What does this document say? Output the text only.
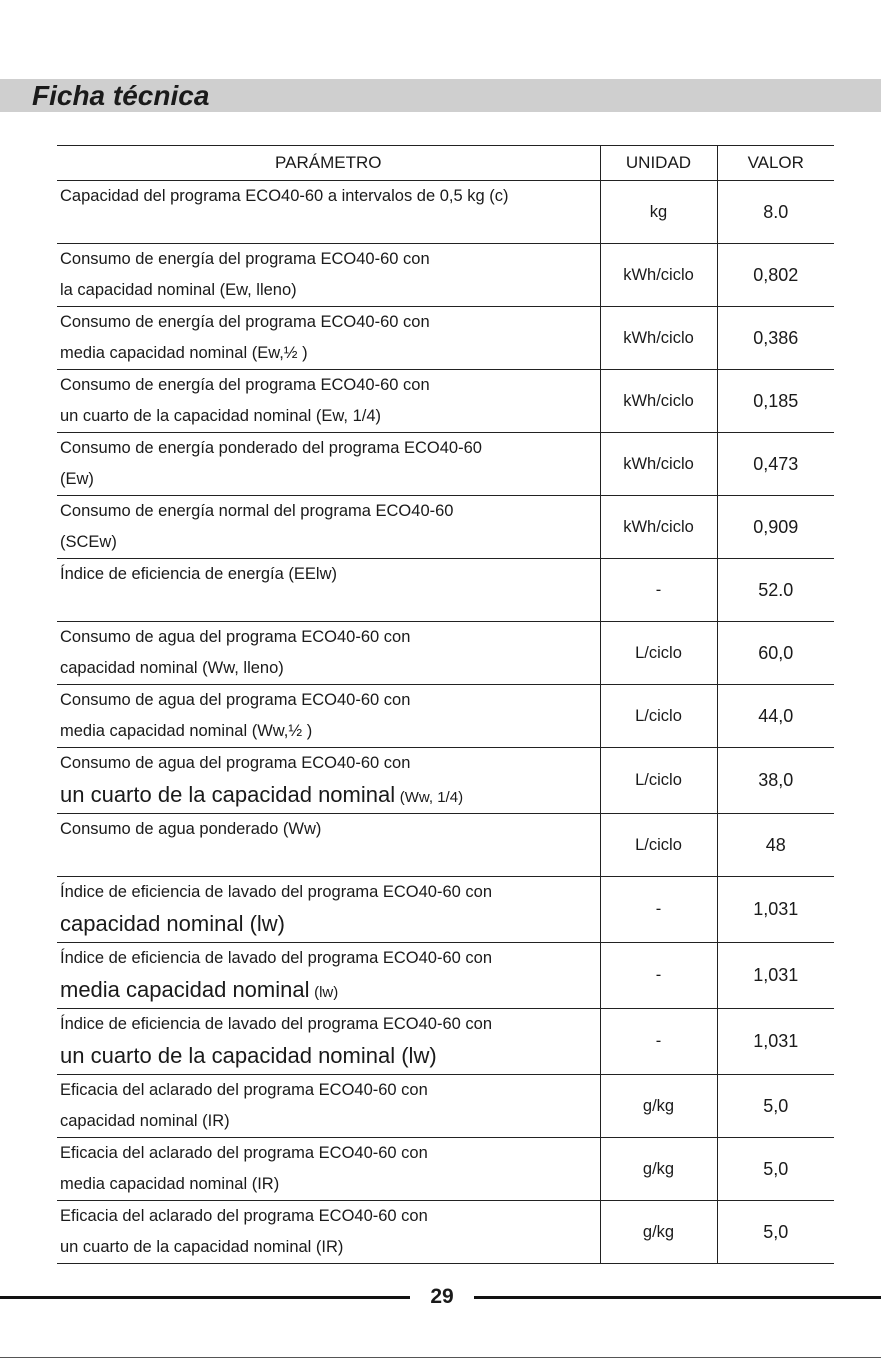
Ficha técnica
PARÁMETRO	UNIDAD	VALOR

Capacidad del programa ECO40-60 a intervalos de 0,5 kg (c)	kg	8.0

Consumo de energía del programa ECO40-60 con
la capacidad nominal (Ew, lleno)	kWh/ciclo	0,802

Consumo de energía del programa ECO40-60 con
media capacidad nominal (Ew,½ )	kWh/ciclo	0,386

Consumo de energía del programa ECO40-60 con
un cuarto de la capacidad nominal (Ew, 1/4)	kWh/ciclo	0,185

Consumo de energía ponderado del programa ECO40-60
(Ew)	kWh/ciclo	0,473

Consumo de energía normal del programa ECO40-60
(SCEw)	kWh/ciclo	0,909

Índice de eficiencia de energía (EElw)	-	52.0

Consumo de agua del programa ECO40-60 con
capacidad nominal (Ww, lleno)	L/ciclo	60,0

Consumo de agua del programa ECO40-60 con
media capacidad nominal (Ww,½ )	L/ciclo	44,0

Consumo de agua del programa ECO40-60 con
un cuarto de la capacidad nominal (Ww, 1/4)	L/ciclo	38,0

Consumo de agua ponderado (Ww)	L/ciclo	48

Índice de eficiencia de lavado del programa ECO40-60 con
capacidad nominal (lw)	-	1,031

Índice de eficiencia de lavado del programa ECO40-60 con
media capacidad nominal (lw)	-	1,031

Índice de eficiencia de lavado del programa ECO40-60 con
un cuarto de la capacidad nominal (lw)	-	1,031

Eficacia del aclarado del programa ECO40-60 con
capacidad nominal (IR)	g/kg	5,0

Eficacia del aclarado del programa ECO40-60 con
media capacidad nominal (IR)	g/kg	5,0

Eficacia del aclarado del programa ECO40-60 con
un cuarto de la capacidad nominal (IR)	g/kg	5,0
29
